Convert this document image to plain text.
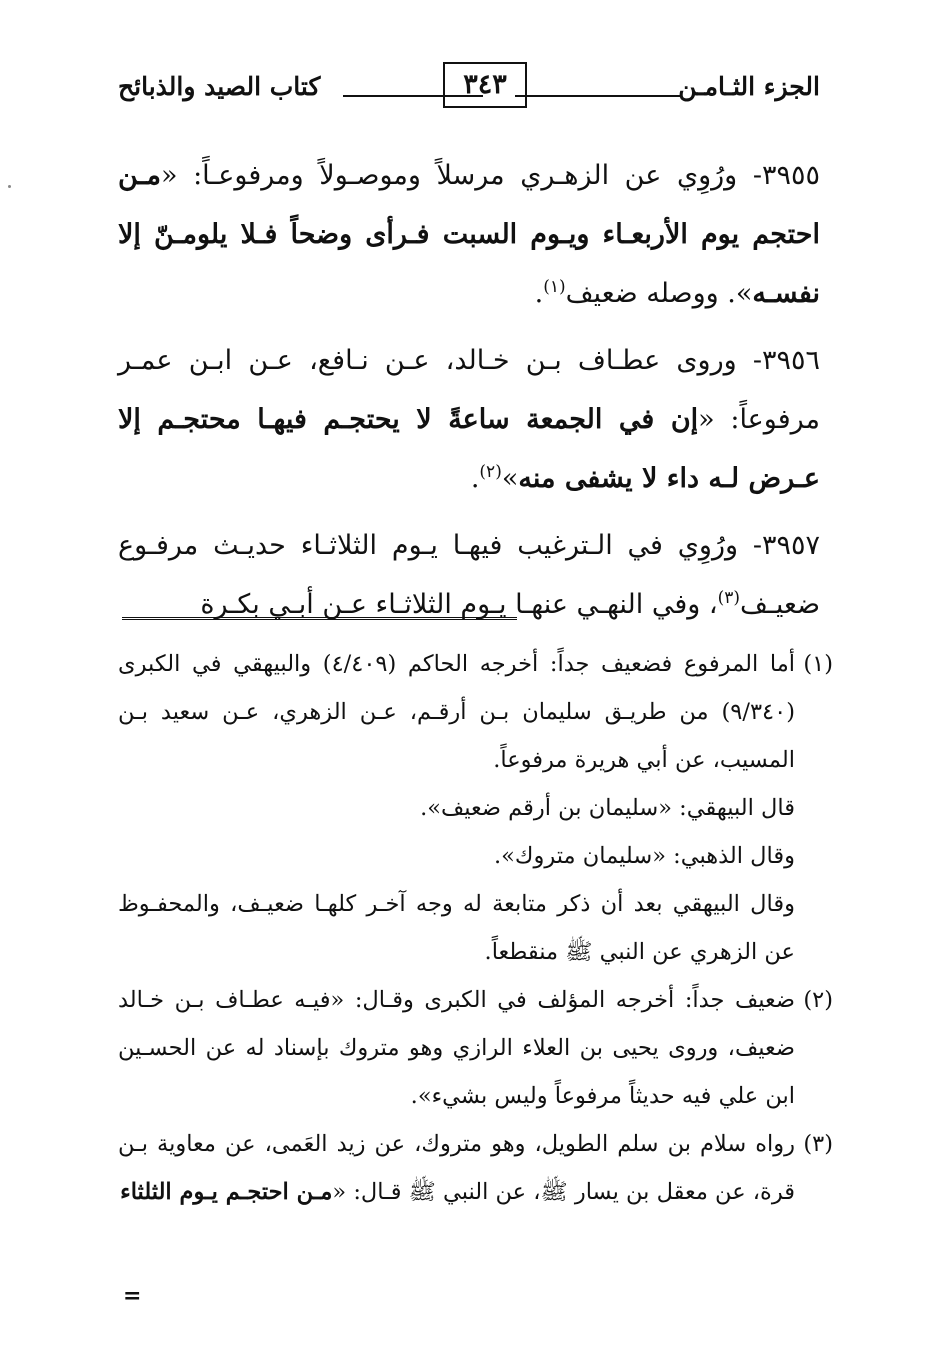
الجزء الثـامـن
٣٤٣
كتاب الصيد والذبائح

٣٩٥٥- ورُوِي عن الزهـري مرسلاً وموصـولاً ومرفوعـاً: «مـن احتجم يوم الأربعـاء ويـوم السبت فـرأى وضحاً فـلا يلومـنّ إلا نفسـه». ووصله ضعيف$^{(١)}$.

٣٩٥٦- وروى عطـاف بـن خـالد، عـن نـافع، عـن ابـن عمـر مرفوعاً: «إن في الجمعة ساعةً لا يحتجـم فيهـا محتجـم إلا عـرض لـه داء لا يشفى منه»$^{(٢)}$.

٣٩٥٧- ورُوِي في الـترغيب فيهـا يـوم الثلاثـاء حديـث مرفـوع ضعيـف$^{(٣)}$، وفي النهـي عنهـا يـوم الثلاثـاء عـن أبـي بكـرة

(١)
أما المرفوع فضعيف جداً: أخرجه الحاكم (٤/٤٠٩) والبيهقي في الكبرى (٩/٣٤٠) من طريـق سليمان بـن أرقـم، عـن الزهري، عـن سعيد بـن المسيب، عن أبي هريرة مرفوعاً.
قال البيهقي: «سليمان بن أرقم ضعيف».
وقال الذهبي: «سليمان متروك».
وقال البيهقي بعد أن ذكر متابعة له وجه آخـر كلهـا ضعيـف، والمحفـوظ عن الزهري عن النبي ﷺ منقطعاً.
(٢)
ضعيف جداً: أخرجه المؤلف في الكبرى وقـال: «فيـه عطـاف بـن خـالد ضعيف، وروى يحيى بن العلاء الرازي وهو متروك بإسناد له عن الحسـين ابن علي فيه حديثاً مرفوعاً وليس بشيء».
(٣)
رواه سلام بن سلم الطويل، وهو متروك، عن زيد العَمى، عن معاوية بـن قرة، عن معقل بن يسار ﷺ، عن النبي ﷺ قـال: «مـن احتجـم يـوم الثلثاء
=
